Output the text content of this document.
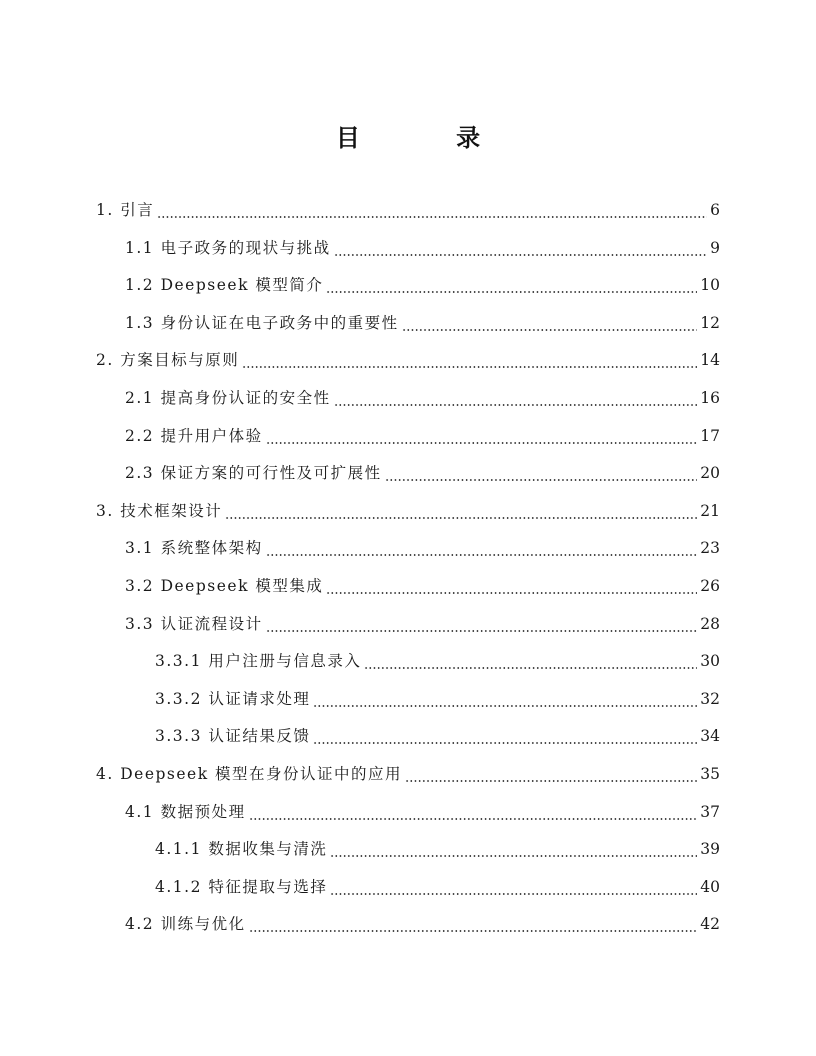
目 录
1. 引言	6
1.1 电子政务的现状与挑战	9
1.2 Deepseek 模型简介	10
1.3 身份认证在电子政务中的重要性	12
2. 方案目标与原则	14
2.1 提高身份认证的安全性	16
2.2 提升用户体验	17
2.3 保证方案的可行性及可扩展性	20
3. 技术框架设计	21
3.1 系统整体架构	23
3.2 Deepseek 模型集成	26
3.3 认证流程设计	28
3.3.1 用户注册与信息录入	30
3.3.2 认证请求处理	32
3.3.3 认证结果反馈	34
4. Deepseek 模型在身份认证中的应用	35
4.1 数据预处理	37
4.1.1 数据收集与清洗	39
4.1.2 特征提取与选择	40
4.2 训练与优化	42
